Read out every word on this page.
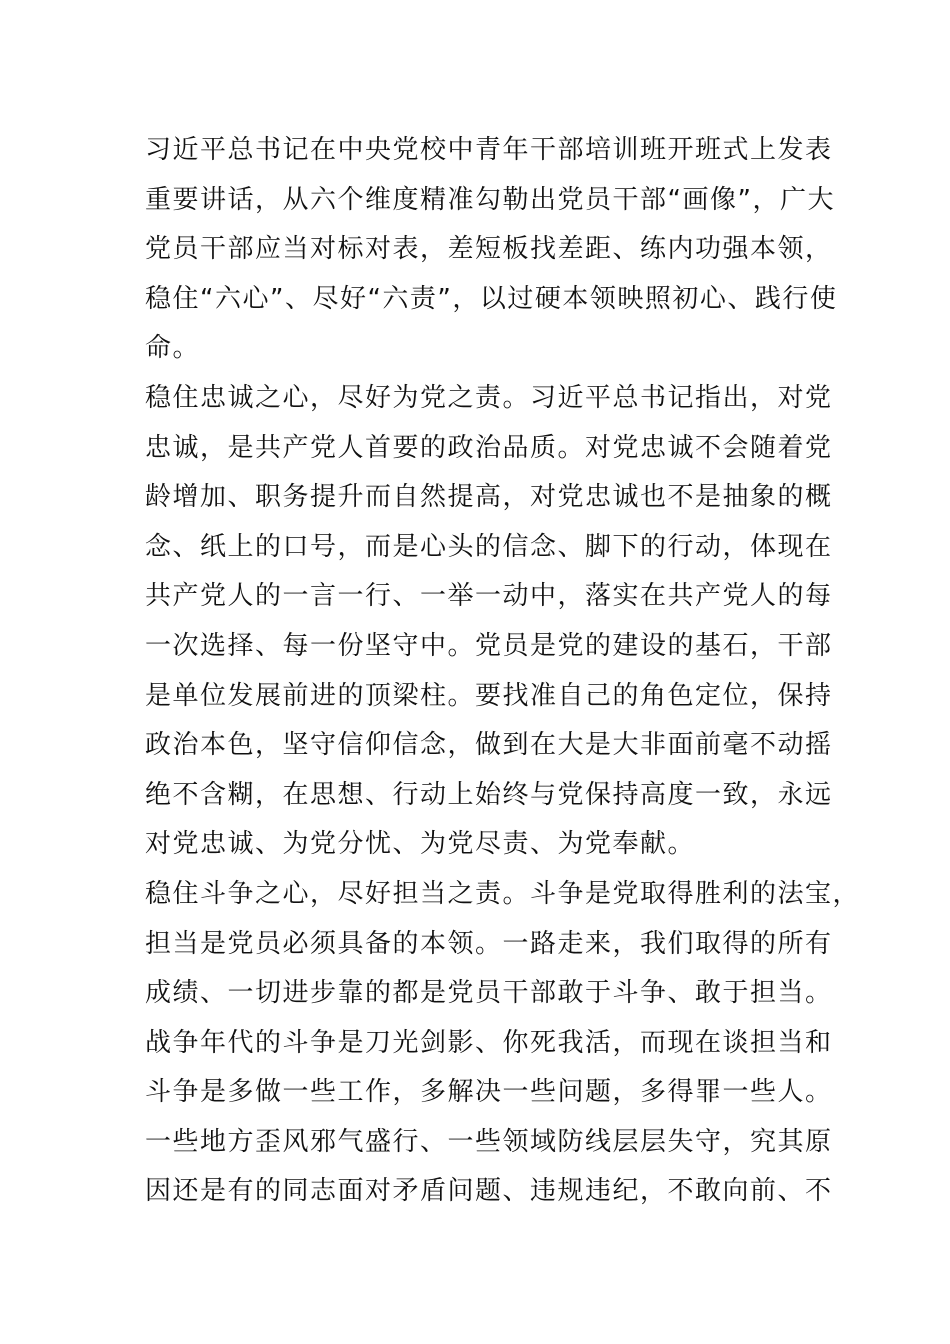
习近平总书记在中央党校中青年干部培训班开班式上发表
重要讲话，从六个维度精准勾勒出党员干部“画像”，广大
党员干部应当对标对表，差短板找差距、练内功强本领，
稳住“六心”、尽好“六责”，以过硬本领映照初心、践行使
命。
稳住忠诚之心，尽好为党之责。习近平总书记指出，对党
忠诚，是共产党人首要的政治品质。对党忠诚不会随着党
龄增加、职务提升而自然提高，对党忠诚也不是抽象的概
念、纸上的口号，而是心头的信念、脚下的行动，体现在
共产党人的一言一行、一举一动中，落实在共产党人的每
一次选择、每一份坚守中。党员是党的建设的基石，干部
是单位发展前进的顶梁柱。要找准自己的角色定位，保持
政治本色，坚守信仰信念，做到在大是大非面前毫不动摇
绝不含糊，在思想、行动上始终与党保持高度一致，永远
对党忠诚、为党分忧、为党尽责、为党奉献。
稳住斗争之心，尽好担当之责。斗争是党取得胜利的法宝，
担当是党员必须具备的本领。一路走来，我们取得的所有
成绩、一切进步靠的都是党员干部敢于斗争、敢于担当。
战争年代的斗争是刀光剑影、你死我活，而现在谈担当和
斗争是多做一些工作，多解决一些问题，多得罪一些人。
一些地方歪风邪气盛行、一些领域防线层层失守，究其原
因还是有的同志面对矛盾问题、违规违纪，不敢向前、不
